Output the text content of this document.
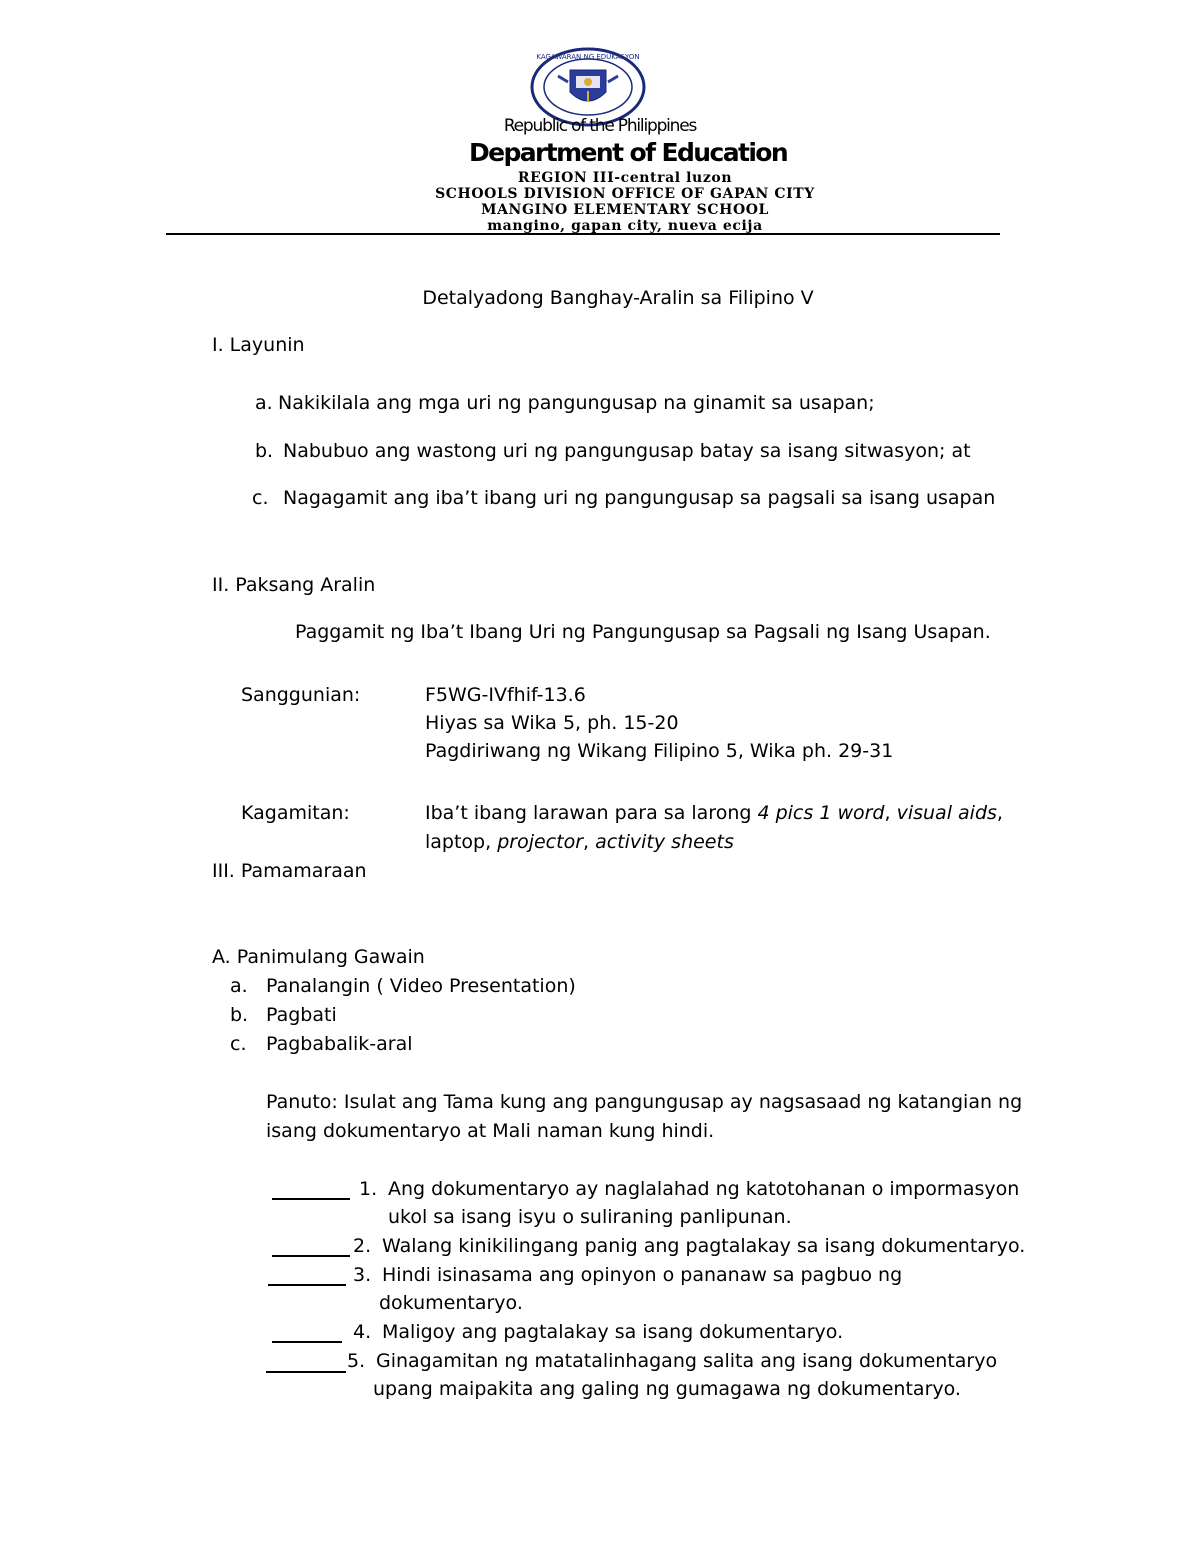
KAGAWARAN NG EDUKASYON
Republic of the Philippines
Department of Education
REGION III-central luzon
SCHOOLS DIVISION OFFICE OF GAPAN CITY
MANGINO ELEMENTARY SCHOOL
mangino, gapan city, nueva ecija
Detalyadong Banghay-Aralin sa Filipino V
I. Layunin
a. Nakikilala ang mga uri ng pangungusap na ginamit sa usapan;
b. Nabubuo ang wastong uri ng pangungusap batay sa isang sitwasyon; at
c. Nagagamit ang iba’t ibang uri ng pangungusap sa pagsali sa isang usapan
II. Paksang Aralin
Paggamit ng Iba’t Ibang Uri ng Pangungusap sa Pagsali ng Isang Usapan.
Sanggunian:	F5WG-IVfhif-13.6
Hiyas sa Wika 5, ph. 15-20
Pagdiriwang ng Wikang Filipino 5, Wika ph. 29-31
Kagamitan:	Iba’t ibang larawan para sa larong 4 pics 1 word, visual aids,
laptop, projector, activity sheets
III. Pamamaraan
A. Panimulang Gawain
a. Panalangin ( Video Presentation)
b. Pagbati
c. Pagbabalik-aral
Panuto: Isulat ang Tama kung ang pangungusap ay nagsasaad ng katangian ng
isang dokumentaryo at Mali naman kung hindi.
1. Ang dokumentaryo ay naglalahad ng katotohanan o impormasyon
ukol sa isang isyu o suliraning panlipunan.
2. Walang kinikilingang panig ang pagtalakay sa isang dokumentaryo.
3. Hindi isinasama ang opinyon o pananaw sa pagbuo ng
dokumentaryo.
4. Maligoy ang pagtalakay sa isang dokumentaryo.
5. Ginagamitan ng matatalinhagang salita ang isang dokumentaryo
upang maipakita ang galing ng gumagawa ng dokumentaryo.
